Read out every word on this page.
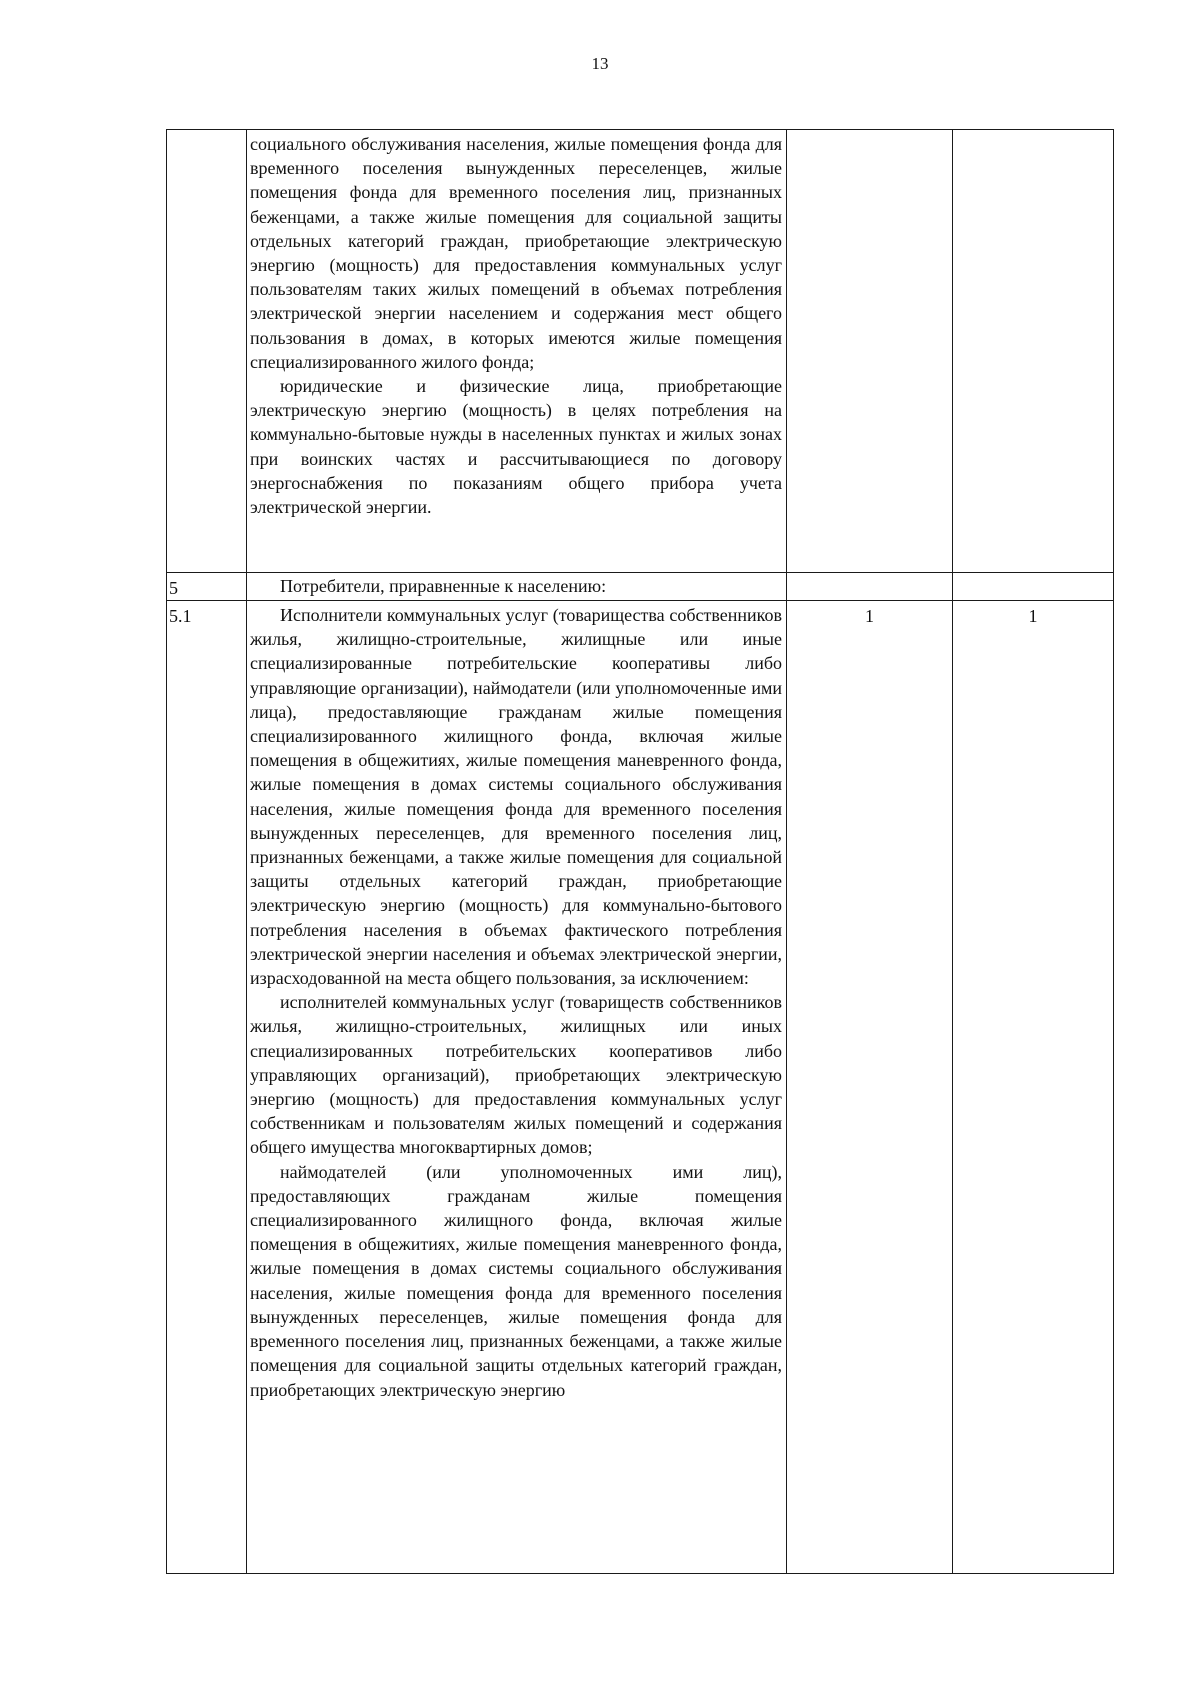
13

	социального обслуживания населения, жилые помещения фонда для временного поселения вынужденных переселенцев, жилые помещения фонда для временного поселения лиц, признанных беженцами, а также жилые помещения для социальной защиты отдельных категорий граждан, приобретающие электрическую энергию (мощность) для предоставления коммунальных услуг пользователям таких жилых помещений в объемах потребления электрической энергии населением и содержания мест общего пользования в домах, в которых имеются жилые помещения специализированного жилого фонда;

юридические и физические лица, приобретающие электрическую энергию (мощность) в целях потребления на коммунально-бытовые нужды в населенных пунктах и жилых зонах при воинских частях и рассчитывающиеся по договору энергоснабжения по показаниям общего прибора учета электрической энергии.		

5	Потребители, приравненные к населению:		

5.1	Исполнители коммунальных услуг (товарищества собственников жилья, жилищно-строительные, жилищные или иные специализированные потребительские кооперативы либо управляющие организации), наймодатели (или уполномоченные ими лица), предоставляющие гражданам жилые помещения специализированного жилищного фонда, включая жилые помещения в общежитиях, жилые помещения маневренного фонда, жилые помещения в домах системы социального обслуживания населения, жилые помещения фонда для временного поселения вынужденных переселенцев, для временного поселения лиц, признанных беженцами, а также жилые помещения для социальной защиты отдельных категорий граждан, приобретающие электрическую энергию (мощность) для коммунально-бытового потребления населения в объемах фактического потребления электрической энергии населения и объемах электрической энергии, израсходованной на места общего пользования, за исключением:

исполнителей коммунальных услуг (товариществ собственников жилья, жилищно-строительных, жилищных или иных специализированных потребительских кооперативов либо управляющих организаций), приобретающих электрическую энергию (мощность) для предоставления коммунальных услуг собственникам и пользователям жилых помещений и содержания общего имущества многоквартирных домов;

наймодателей (или уполномоченных ими лиц), предоставляющих гражданам жилые помещения специализированного жилищного фонда, включая жилые помещения в общежитиях, жилые помещения маневренного фонда, жилые помещения в домах системы социального обслуживания населения, жилые помещения фонда для временного поселения вынужденных переселенцев, жилые помещения фонда для временного поселения лиц, признанных беженцами, а также жилые помещения для социальной защиты отдельных категорий граждан, приобретающих электрическую энергию	1	1
